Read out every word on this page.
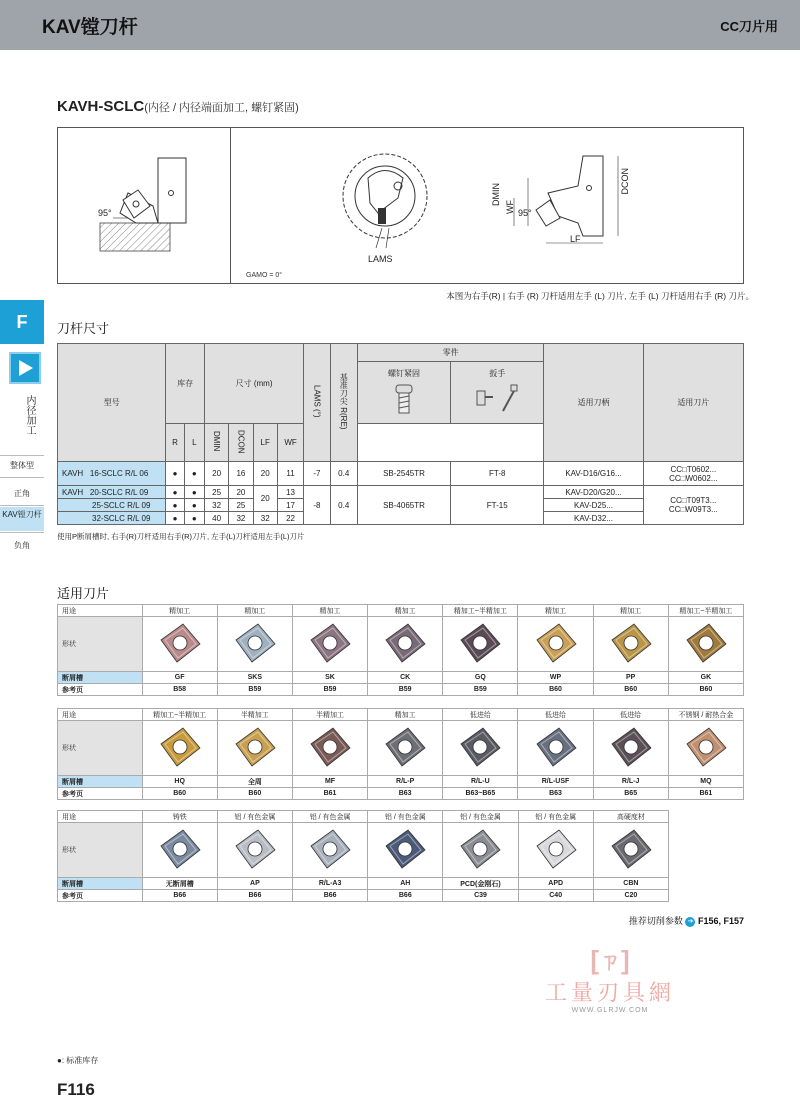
KAV镗刀杆	CC刀片用
KAVH-SCLC(内径 / 内径端面加工, 螺钉紧固)
95°
LAMS
95°
DMIN
WF
DCON
LF
GAMO = 0°
本图为右手(R) | 右手 (R) 刀杆适用左手 (L) 刀片, 左手 (L) 刀杆适用右手 (R) 刀片。
F
内径加工
整体型
正角
KAV镗刀杆
负角
刀杆尺寸
型号	库存		尺寸 (mm)				LAMS (°)	基准刀尖 R(RE)	零件		适用刀柄	适用刀片

									螺钉紧固	扳手		

	R	L	DMIN	DCON	LF	WF					
KAVH 16-SCLC R/L 06	●	●	20	16	20	11	-7	0.4	SB-2545TR	FT-8	KAV-D16/G16...	CC□T0602...
CC□W0602...

KAVH 20-SCLC R/L 09	●	●	25	20	20	13	-8	0.4	SB-4065TR	FT-15	KAV-D20/G20...	CC□T09T3...
CC□W09T3...

25-SCLC R/L 09	●	●	32	25		17					KAV-D25...	
32-SCLC R/L 09	●	●	40	32	32	22					KAV-D32...	
使用P断屑槽时, 右手(R)刀杆适用右手(R)刀片, 左手(L)刀杆适用左手(L)刀片
适用刀片
用途	精加工	精加工	精加工	精加工	精加工~半精加工	精加工	精加工	精加工~半精加工
形状								
断屑槽	GF	SKS	SK	CK	GQ	WP	PP	GK
参考页	B58	B59	B59	B59	B59	B60	B60	B60
用途	精加工~半精加工	半精加工	半精加工	精加工	低进给	低进给	低进给	不锈钢 / 耐热合金
形状								
断屑槽	HQ	全周	MF	R/L-P	R/L-U	R/L-USF	R/L-J	MQ
参考页	B60	B60	B61	B63	B63~B65	B63	B65	B61
用途	铸铁	铝 / 有色金属	铝 / 有色金属	铝 / 有色金属	铝 / 有色金属	铝 / 有色金属	高硬度材	
形状								
断屑槽	无断屑槽	AP	R/L-A3	AH	PCD(金刚石)	APD	CBN	
参考页	B66	B66	B66	B66	C39	C40	C20	
推荐切削参数 ➔ F156, F157
[ㄗ]
工量刃具網
WWW.GLRJW.COM
●: 标准库存
F116
